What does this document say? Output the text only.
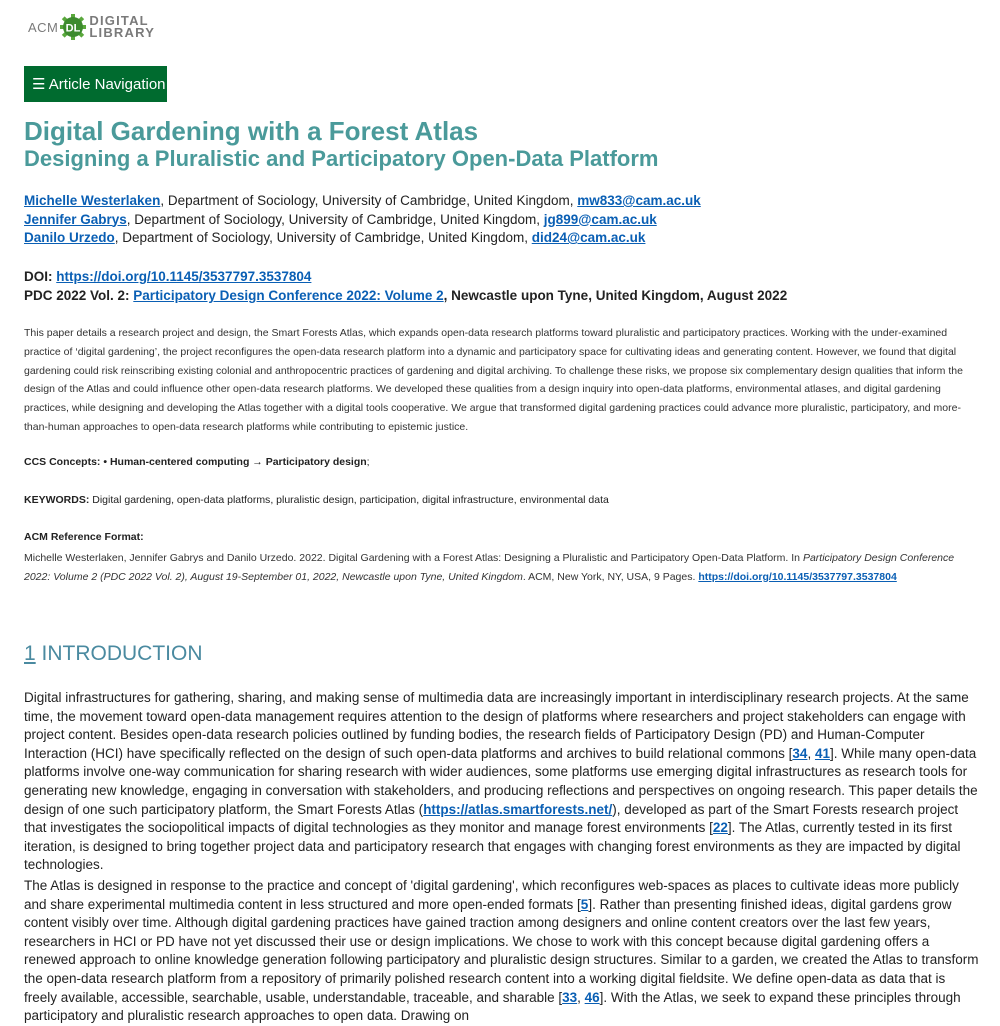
ACM DL
DIGITAL
LIBRARY
☰ Article Navigation
Digital Gardening with a Forest Atlas
Designing a Pluralistic and Participatory Open-Data Platform
Michelle Westerlaken, Department of Sociology, University of Cambridge, United Kingdom, mw833@cam.ac.uk
Jennifer Gabrys, Department of Sociology, University of Cambridge, United Kingdom, jg899@cam.ac.uk
Danilo Urzedo, Department of Sociology, University of Cambridge, United Kingdom, did24@cam.ac.uk
DOI: https://doi.org/10.1145/3537797.3537804
PDC 2022 Vol. 2: Participatory Design Conference 2022: Volume 2, Newcastle upon Tyne, United Kingdom, August 2022

This paper details a research project and design, the Smart Forests Atlas, which expands open-data research platforms toward pluralistic and participatory practices. Working with the under-examined practice of ‘digital gardening’, the project reconfigures the open-data research platform into a dynamic and participatory space for cultivating ideas and generating content. However, we found that digital gardening could risk reinscribing existing colonial and anthropocentric practices of gardening and digital archiving. To challenge these risks, we propose six complementary design qualities that inform the design of the Atlas and could influence other open-data research platforms. We developed these qualities from a design inquiry into open-data platforms, environmental atlases, and digital gardening practices, while designing and developing the Atlas together with a digital tools cooperative. We argue that transformed digital gardening practices could advance more pluralistic, participatory, and more-than-human approaches to open-data research platforms while contributing to epistemic justice.

CCS Concepts: • Human-centered computing → Participatory design;
KEYWORDS: Digital gardening, open-data platforms, pluralistic design, participation, digital infrastructure, environmental data
ACM Reference Format:

Michelle Westerlaken, Jennifer Gabrys and Danilo Urzedo. 2022. Digital Gardening with a Forest Atlas: Designing a Pluralistic and Participatory Open-Data Platform. In Participatory Design Conference 2022: Volume 2 (PDC 2022 Vol. 2), August 19-September 01, 2022, Newcastle upon Tyne, United Kingdom. ACM, New York, NY, USA, 9 Pages. https://doi.org/10.1145/3537797.3537804

1 INTRODUCTION

Digital infrastructures for gathering, sharing, and making sense of multimedia data are increasingly important in interdisciplinary research projects. At the same time, the movement toward open-data management requires attention to the design of platforms where researchers and project stakeholders can engage with project content. Besides open-data research policies outlined by funding bodies, the research fields of Participatory Design (PD) and Human-Computer Interaction (HCI) have specifically reflected on the design of such open-data platforms and archives to build relational commons [34, 41]. While many open-data platforms involve one-way communication for sharing research with wider audiences, some platforms use emerging digital infrastructures as research tools for generating new knowledge, engaging in conversation with stakeholders, and producing reflections and perspectives on ongoing research. This paper details the design of one such participatory platform, the Smart Forests Atlas (https://atlas.smartforests.net/), developed as part of the Smart Forests research project that investigates the sociopolitical impacts of digital technologies as they monitor and manage forest environments [22]. The Atlas, currently tested in its first iteration, is designed to bring together project data and participatory research that engages with changing forest environments as they are impacted by digital technologies.

The Atlas is designed in response to the practice and concept of 'digital gardening', which reconfigures web-spaces as places to cultivate ideas more publicly and share experimental multimedia content in less structured and more open-ended formats [5]. Rather than presenting finished ideas, digital gardens grow content visibly over time. Although digital gardening practices have gained traction among designers and online content creators over the last few years, researchers in HCI or PD have not yet discussed their use or design implications. We chose to work with this concept because digital gardening offers a renewed approach to online knowledge generation following participatory and pluralistic design structures. Similar to a garden, we created the Atlas to transform the open-data research platform from a repository of primarily polished research content into a working digital fieldsite. We define open-data as data that is freely available, accessible, searchable, usable, understandable, traceable, and sharable [33, 46]. With the Atlas, we seek to expand these principles through participatory and pluralistic research approaches to open data. Drawing on
